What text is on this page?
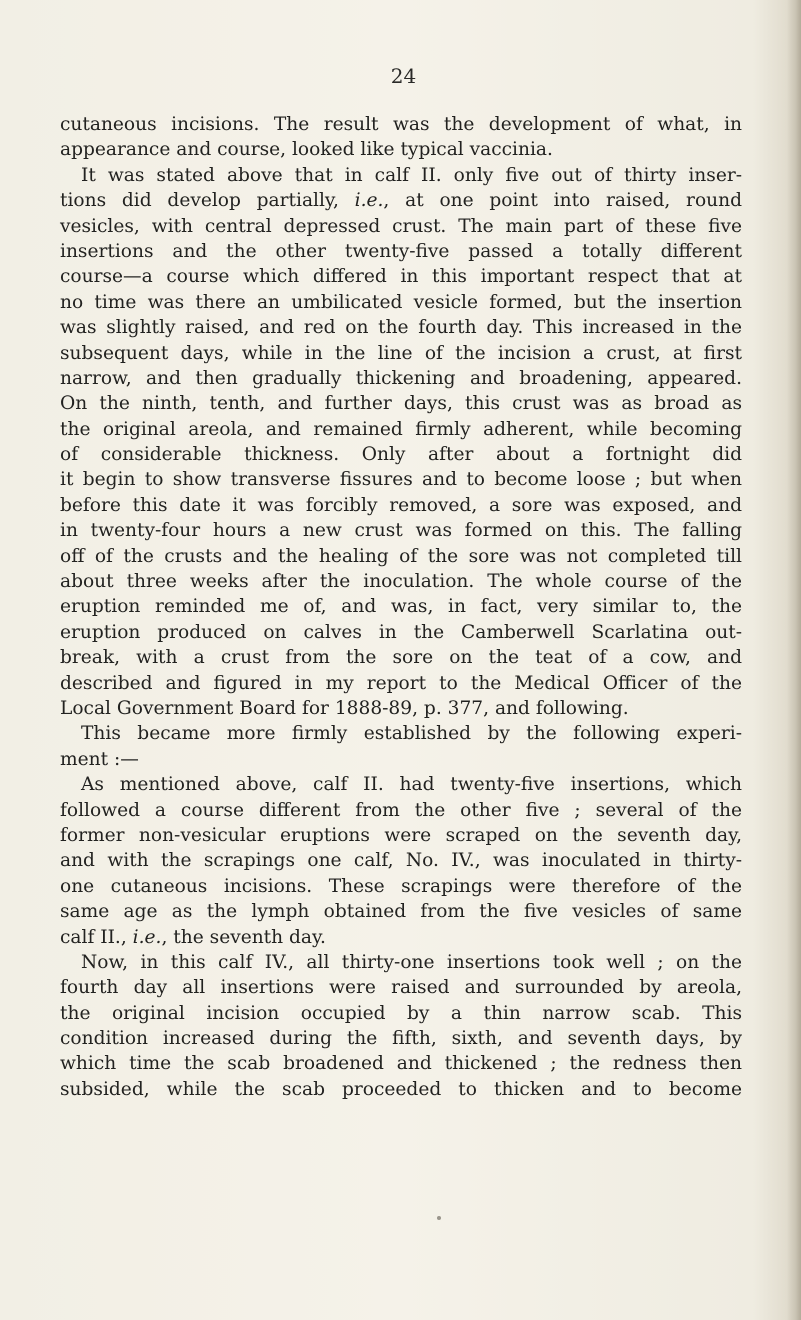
24
cutaneous incisions. The result was the development of what, in
appearance and course, looked like typical vaccinia.
It was stated above that in calf II. only five out of thirty inser-
tions did develop partially, i.e., at one point into raised, round
vesicles, with central depressed crust. The main part of these five
insertions and the other twenty-five passed a totally different
course—a course which differed in this important respect that at
no time was there an umbilicated vesicle formed, but the insertion
was slightly raised, and red on the fourth day. This increased in the
subsequent days, while in the line of the incision a crust, at first
narrow, and then gradually thickening and broadening, appeared.
On the ninth, tenth, and further days, this crust was as broad as
the original areola, and remained firmly adherent, while becoming
of considerable thickness. Only after about a fortnight did
it begin to show transverse fissures and to become loose ; but when
before this date it was forcibly removed, a sore was exposed, and
in twenty-four hours a new crust was formed on this. The falling
off of the crusts and the healing of the sore was not completed till
about three weeks after the inoculation. The whole course of the
eruption reminded me of, and was, in fact, very similar to, the
eruption produced on calves in the Camberwell Scarlatina out-
break, with a crust from the sore on the teat of a cow, and
described and figured in my report to the Medical Officer of the
Local Government Board for 1888-89, p. 377, and following.
This became more firmly established by the following experi-
ment :—
As mentioned above, calf II. had twenty-five insertions, which
followed a course different from the other five ; several of the
former non-vesicular eruptions were scraped on the seventh day,
and with the scrapings one calf, No. IV., was inoculated in thirty-
one cutaneous incisions. These scrapings were therefore of the
same age as the lymph obtained from the five vesicles of same
calf II., i.e., the seventh day.
Now, in this calf IV., all thirty-one insertions took well ; on the
fourth day all insertions were raised and surrounded by areola,
the original incision occupied by a thin narrow scab. This
condition increased during the fifth, sixth, and seventh days, by
which time the scab broadened and thickened ; the redness then
subsided, while the scab proceeded to thicken and to become
